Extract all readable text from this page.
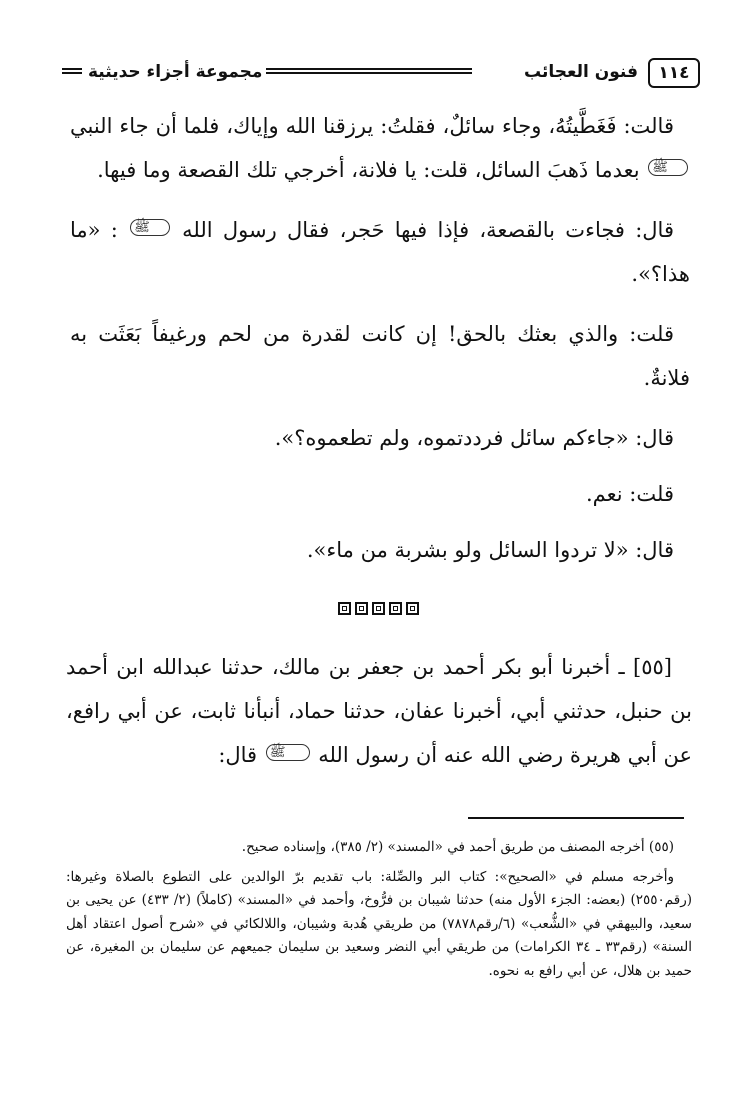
١١٤
فنون العجائب
مجموعة أجزاء حديثية

قالت: فَغَطَّيتُهُ، وجاء سائلٌ، فقلتُ: يرزقنا الله وإياك، فلما أن جاء النبي ﷺ بعدما ذَهبَ السائل، قلت: يا فلانة، أخرجي تلك القصعة وما فيها.

قال: فجاءت بالقصعة، فإذا فيها حَجر، فقال رسول الله ﷺ : «ما هذا؟».

قلت: والذي بعثك بالحق! إن كانت لقدرة من لحم ورغيفاً بَعَثَت به فلانةٌ.

قال: «جاءكم سائل فرددتموه، ولم تطعموه؟».

قلت: نعم.

قال: «لا تردوا السائل ولو بشربة من ماء».

[٥٥] ـ أخبرنا أبو بكر أحمد بن جعفر بن مالك، حدثنا عبدالله ابن أحمد بن حنبل، حدثني أبي، أخبرنا عفان، حدثنا حماد، أنبأنا ثابت، عن أبي رافع، عن أبي هريرة رضي الله عنه أن رسول الله ﷺ قال:

(٥٥) أخرجه المصنف من طريق أحمد في «المسند» (٢/ ٣٨٥)، وإسناده صحيح.

وأخرجه مسلم في «الصحيح»: كتاب البر والصِّلة: باب تقديم برّ الوالدين على التطوع بالصلاة وغيرها: (رقم٢٥٥٠) (بعضه: الجزء الأول منه) حدثنا شيبان بن فرُّوخ، وأحمد في «المسند» (كاملاً) (٢/ ٤٣٣) عن يحيى بن سعيد، والبيهقي في «الشُّعب» (٦/رقم٧٨٧٨) من طريقي هُدبة وشيبان، واللالكائي في «شرح أصول اعتقاد أهل السنة» (رقم٣٣ ـ ٣٤ الكرامات) من طريقي أبي النضر وسعيد بن سليمان جميعهم عن سليمان بن المغيرة، عن حميد بن هلال، عن أبي رافع به نحوه.
